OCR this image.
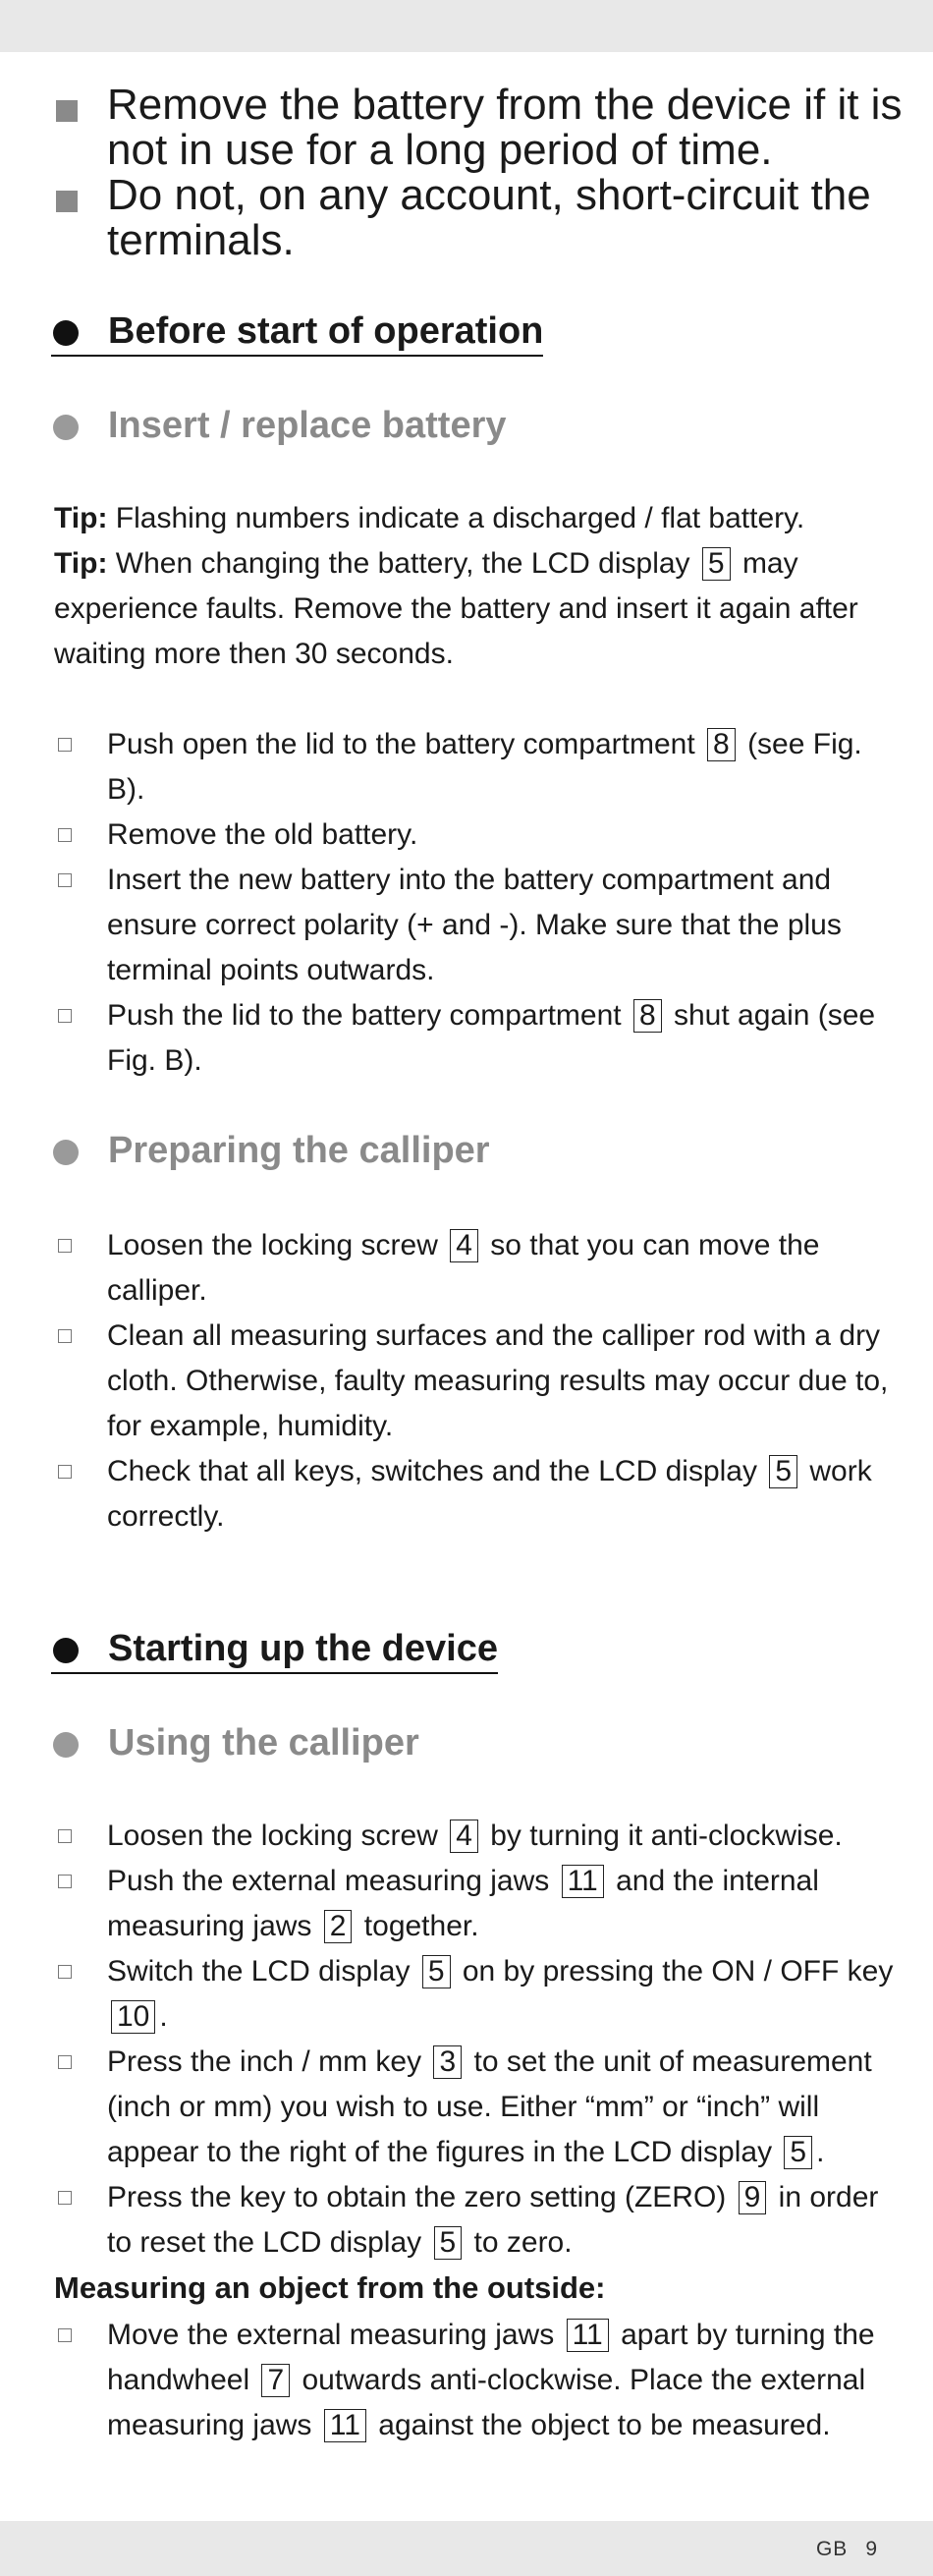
Remove the battery from the device if it is not in use for a long period of time.
Do not, on any account, short-circuit the terminals.
Before start of operation
Insert / replace battery

Tip: Flashing numbers indicate a discharged / flat battery.

Tip: When changing the battery, the LCD display 5 may experience faults. Remove the battery and insert it again after waiting more then 30 seconds.

Push open the lid to the battery compartment 8 (see Fig. B).
Remove the old battery.
Insert the new battery into the battery compartment and ensure correct polarity (+ and -). Make sure that the plus terminal points outwards.
Push the lid to the battery compartment 8 shut again (see Fig. B).
Preparing the calliper
Loosen the locking screw 4 so that you can move the calliper.
Clean all measuring surfaces and the calliper rod with a dry cloth. Otherwise, faulty measuring results may occur due to, for example, humidity.
Check that all keys, switches and the LCD display 5 work correctly.
Starting up the device
Using the calliper
Loosen the locking screw 4 by turning it anti-clockwise.
Push the external measuring jaws 11 and the internal measuring jaws 2 together.
Switch the LCD display 5 on by pressing the ON / OFF key 10 .
Press the inch / mm key 3 to set the unit of measurement (inch or mm) you wish to use. Either “mm” or “inch” will appear to the right of the figures in the LCD display 5 .
Press the key to obtain the zero setting (ZERO) 9 in order to reset the LCD display 5 to zero.
Measuring an object from the outside:
Move the external measuring jaws 11 apart by turning the handwheel 7 outwards anti-clockwise. Place the external measuring jaws 11 against the object to be measured.
GB 9
